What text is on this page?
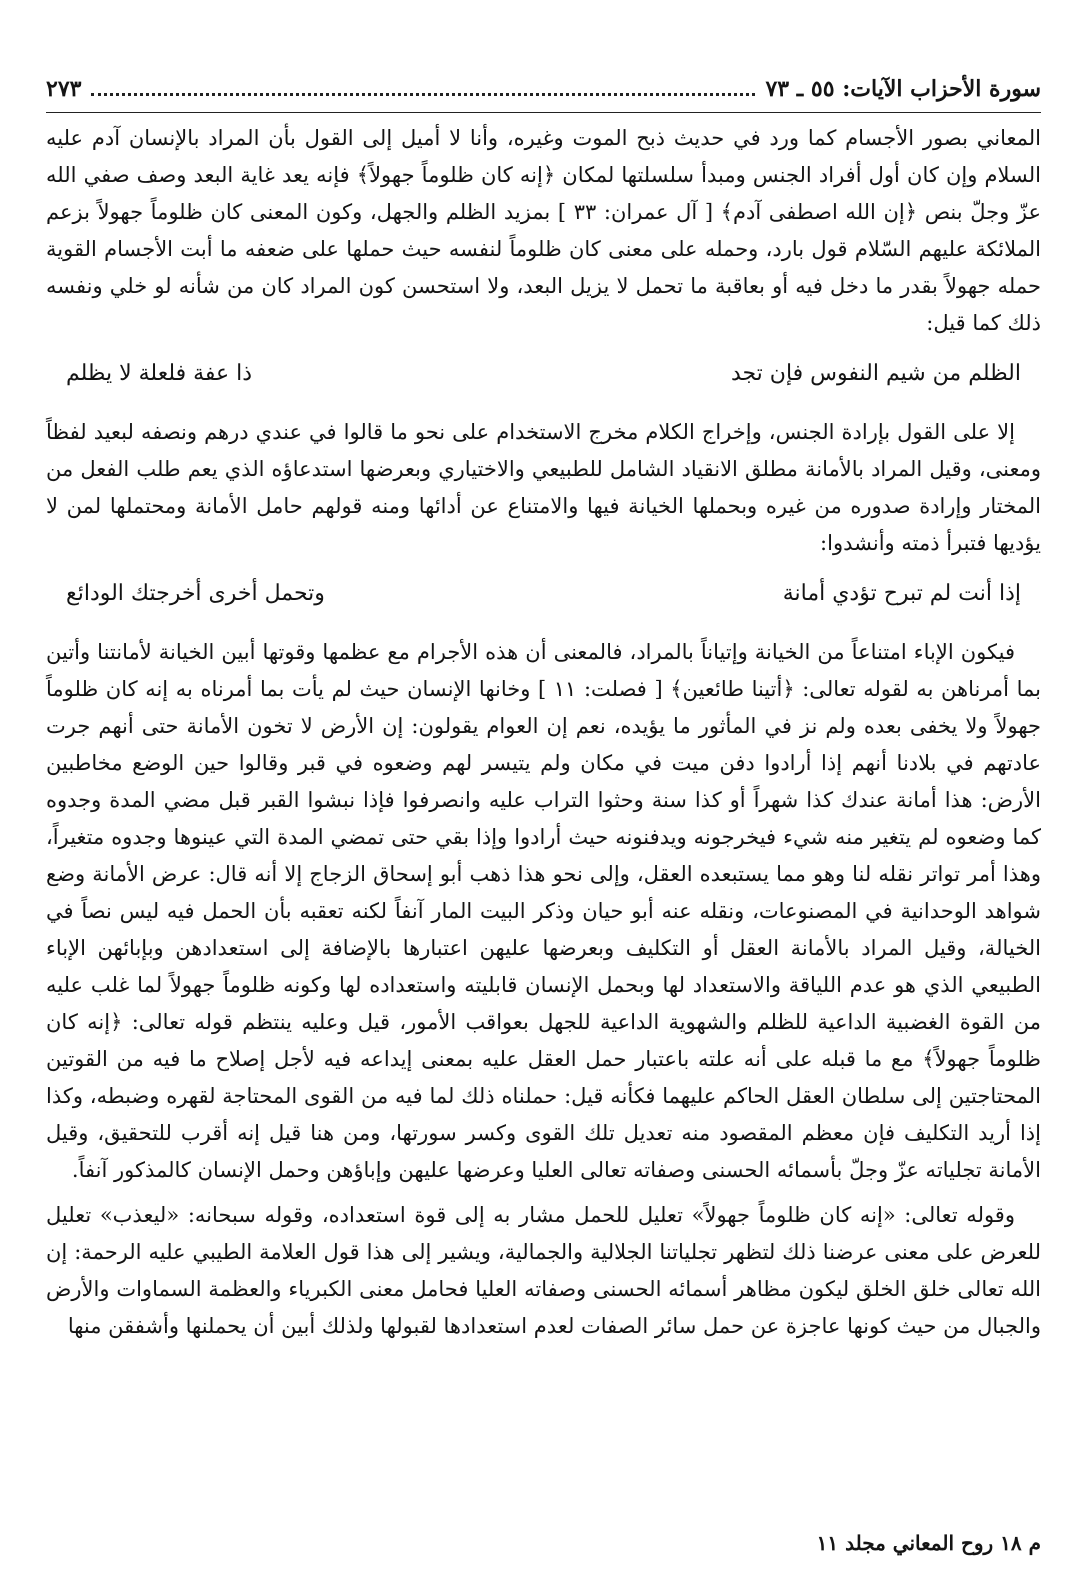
سورة الأحزاب الآيات: ٥٥ ـ ٧٣
٢٧٣

المعاني بصور الأجسام كما ورد في حديث ذبح الموت وغيره، وأنا لا أميل إلى القول بأن المراد بالإنسان آدم عليه السلام وإن كان أول أفراد الجنس ومبدأ سلسلتها لمكان ﴿إنه كان ظلوماً جهولاً﴾ فإنه يعد غاية البعد وصف صفي الله عزّ وجلّ بنص ﴿إن الله اصطفى آدم﴾ [ آل عمران: ٣٣ ] بمزيد الظلم والجهل، وكون المعنى كان ظلوماً جهولاً بزعم الملائكة عليهم السّلام قول بارد، وحمله على معنى كان ظلوماً لنفسه حيث حملها على ضعفه ما أبت الأجسام القوية حمله جهولاً بقدر ما دخل فيه أو بعاقبة ما تحمل لا يزيل البعد، ولا استحسن كون المراد كان من شأنه لو خلي ونفسه ذلك كما قيل:

الظلم من شيم النفوس فإن تجد
ذا عفة فلعلة لا يظلم

إلا على القول بإرادة الجنس، وإخراج الكلام مخرج الاستخدام على نحو ما قالوا في عندي درهم ونصفه لبعيد لفظاً ومعنى، وقيل المراد بالأمانة مطلق الانقياد الشامل للطبيعي والاختياري وبعرضها استدعاؤه الذي يعم طلب الفعل من المختار وإرادة صدوره من غيره وبحملها الخيانة فيها والامتناع عن أدائها ومنه قولهم حامل الأمانة ومحتملها لمن لا يؤديها فتبرأ ذمته وأنشدوا:

إذا أنت لم تبرح تؤدي أمانة
وتحمل أخرى أخرجتك الودائع

فيكون الإباء امتناعاً من الخيانة وإتياناً بالمراد، فالمعنى أن هذه الأجرام مع عظمها وقوتها أبين الخيانة لأمانتنا وأتين بما أمرناهن به لقوله تعالى: ﴿أتينا طائعين﴾ [ فصلت: ١١ ] وخانها الإنسان حيث لم يأت بما أمرناه به إنه كان ظلوماً جهولاً ولا يخفى بعده ولم نز في المأثور ما يؤيده، نعم إن العوام يقولون: إن الأرض لا تخون الأمانة حتى أنهم جرت عادتهم في بلادنا أنهم إذا أرادوا دفن ميت في مكان ولم يتيسر لهم وضعوه في قبر وقالوا حين الوضع مخاطبين الأرض: هذا أمانة عندك كذا شهراً أو كذا سنة وحثوا التراب عليه وانصرفوا فإذا نبشوا القبر قبل مضي المدة وجدوه كما وضعوه لم يتغير منه شيء فيخرجونه ويدفنونه حيث أرادوا وإذا بقي حتى تمضي المدة التي عينوها وجدوه متغيراً، وهذا أمر تواتر نقله لنا وهو مما يستبعده العقل، وإلى نحو هذا ذهب أبو إسحاق الزجاج إلا أنه قال: عرض الأمانة وضع شواهد الوحدانية في المصنوعات، ونقله عنه أبو حيان وذكر البيت المار آنفاً لكنه تعقبه بأن الحمل فيه ليس نصاً في الخيالة، وقيل المراد بالأمانة العقل أو التكليف وبعرضها عليهن اعتبارها بالإضافة إلى استعدادهن وبإبائهن الإباء الطبيعي الذي هو عدم اللياقة والاستعداد لها وبحمل الإنسان قابليته واستعداده لها وكونه ظلوماً جهولاً لما غلب عليه من القوة الغضبية الداعية للظلم والشهوية الداعية للجهل بعواقب الأمور، قيل وعليه ينتظم قوله تعالى: ﴿إنه كان ظلوماً جهولاً﴾ مع ما قبله على أنه علته باعتبار حمل العقل عليه بمعنى إيداعه فيه لأجل إصلاح ما فيه من القوتين المحتاجتين إلى سلطان العقل الحاكم عليهما فكأنه قيل: حملناه ذلك لما فيه من القوى المحتاجة لقهره وضبطه، وكذا إذا أريد التكليف فإن معظم المقصود منه تعديل تلك القوى وكسر سورتها، ومن هنا قيل إنه أقرب للتحقيق، وقيل الأمانة تجلياته عزّ وجلّ بأسمائه الحسنى وصفاته تعالى العليا وعرضها عليهن وإباؤهن وحمل الإنسان كالمذكور آنفاً.

وقوله تعالى: «إنه كان ظلوماً جهولاً» تعليل للحمل مشار به إلى قوة استعداده، وقوله سبحانه: «ليعذب» تعليل للعرض على معنى عرضنا ذلك لتظهر تجلياتنا الجلالية والجمالية، ويشير إلى هذا قول العلامة الطيبي عليه الرحمة: إن الله تعالى خلق الخلق ليكون مظاهر أسمائه الحسنى وصفاته العليا فحامل معنى الكبرياء والعظمة السماوات والأرض والجبال من حيث كونها عاجزة عن حمل سائر الصفات لعدم استعدادها لقبولها ولذلك أبين أن يحملنها وأشفقن منها

م ١٨ روح المعاني مجلد ١١
